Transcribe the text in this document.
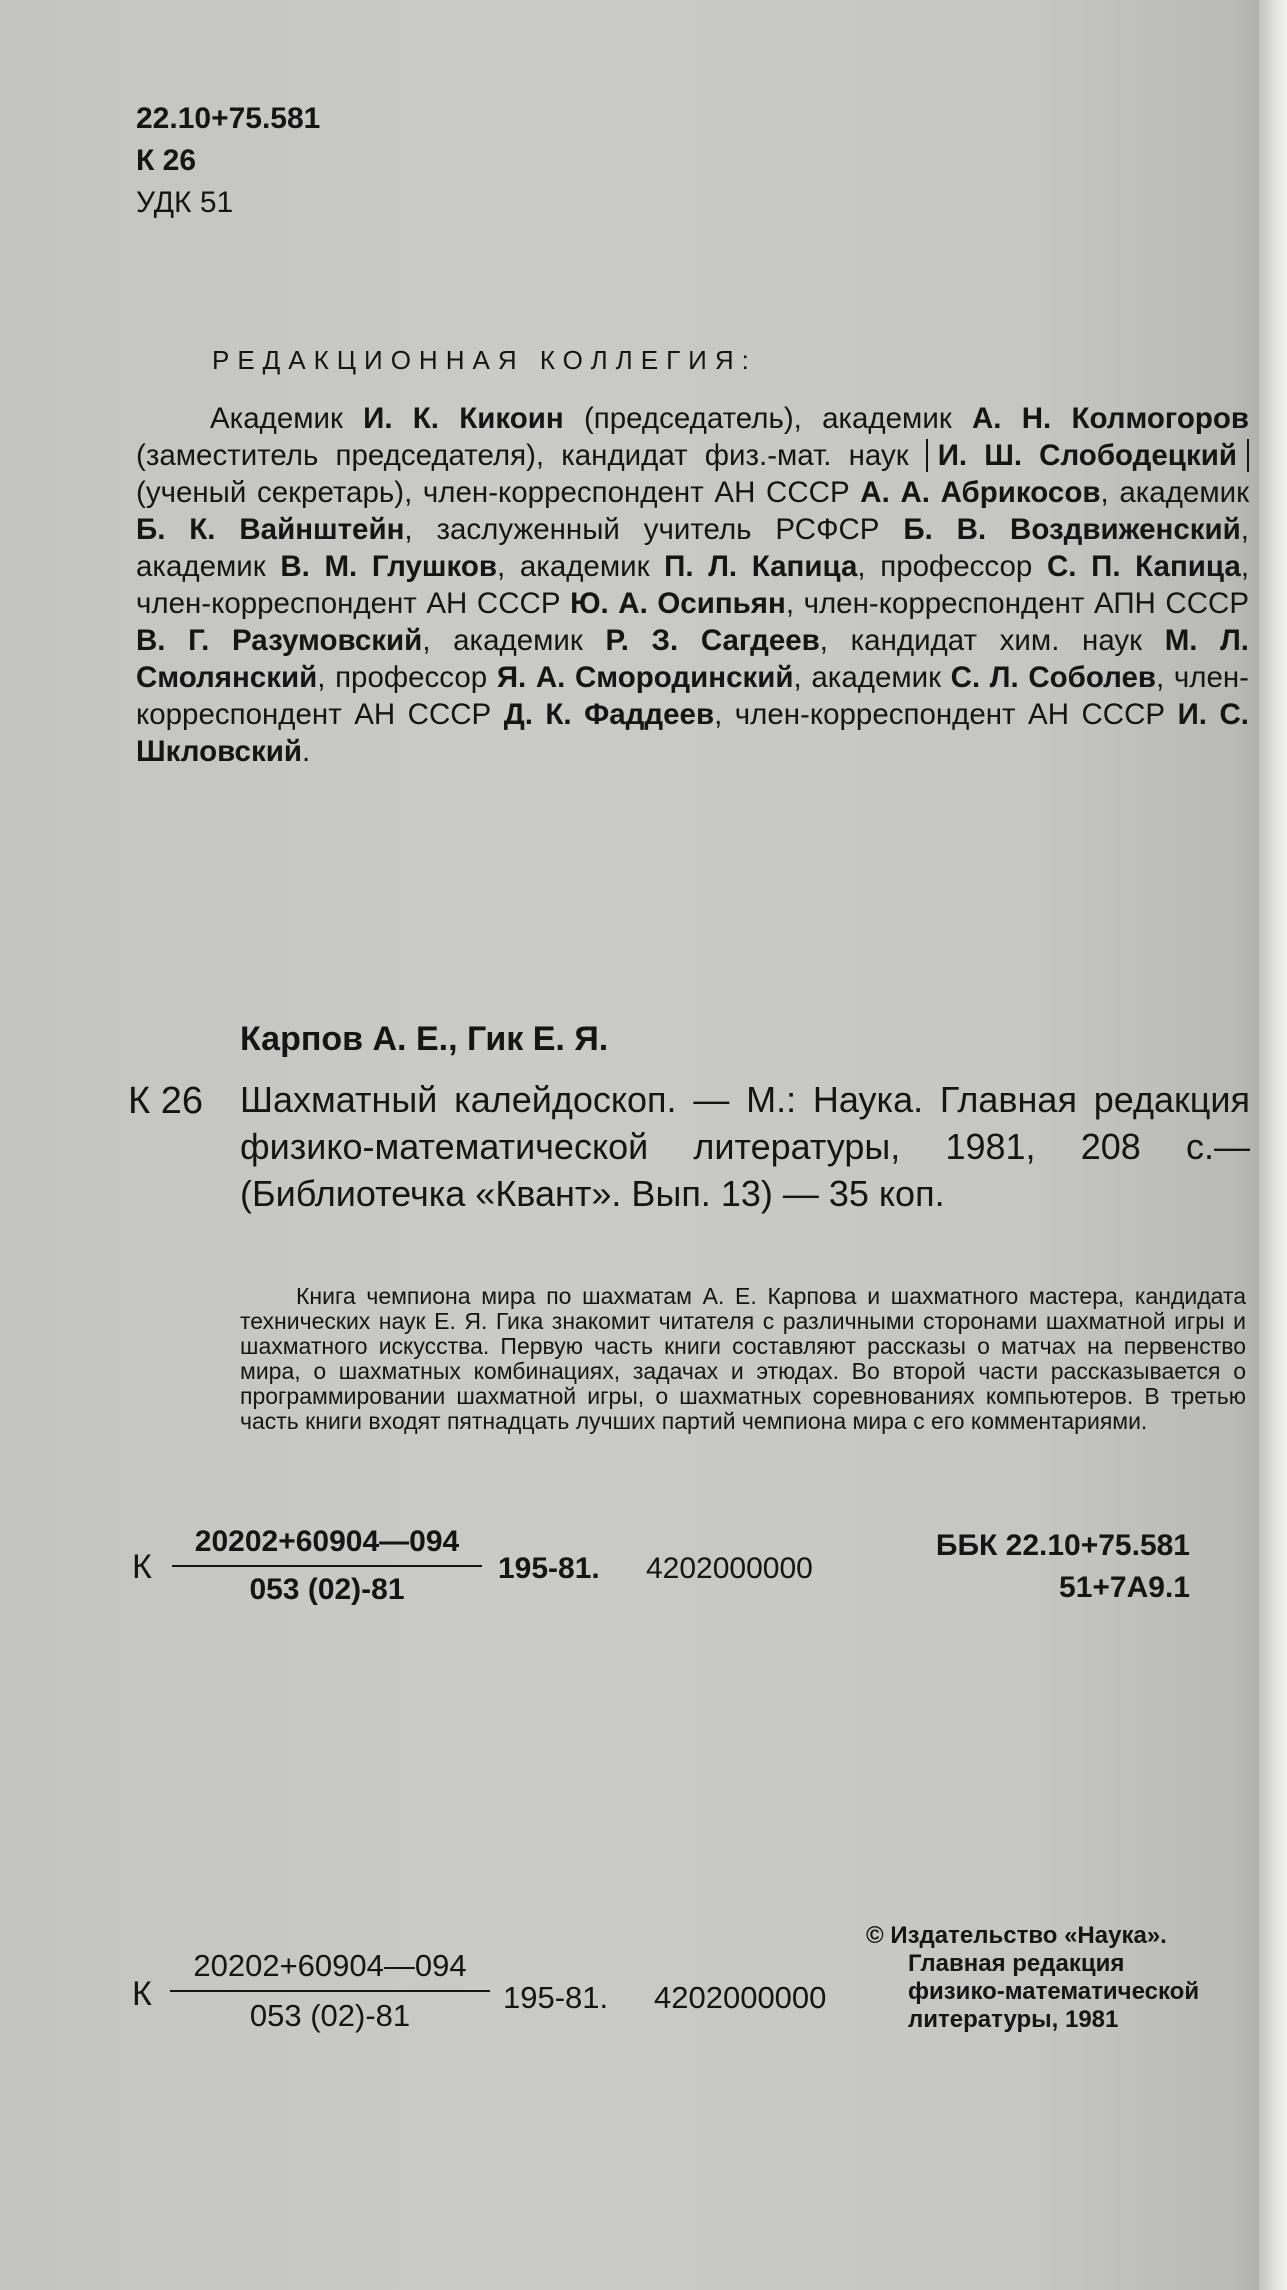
22.10+75.581
К 26
УДК 51
РЕДАКЦИОННАЯ КОЛЛЕГИЯ:

Академик И. К. Кикоин (председатель), академик А. Н. Колмогоров (заместитель председателя), кандидат физ.-мат. наук И. Ш. Слободецкий (ученый секретарь), член-корреспондент АН СССР А. А. Абрикосов, академик Б. К. Вайнштейн, заслуженный учитель РСФСР Б. В. Воздвиженский, академик В. М. Глушков, академик П. Л. Капица, профессор С. П. Капица, член-корреспондент АН СССР Ю. А. Осипьян, член-корреспондент АПН СССР В. Г. Разумовский, академик Р. З. Сагдеев, кандидат хим. наук М. Л. Смолянский, профессор Я. А. Смородинский, академик С. Л. Соболев, член-корреспондент АН СССР Д. К. Фаддеев, член-корреспондент АН СССР И. С. Шкловский.

Карпов А. Е., Гик Е. Я.
К 26 Шахматный калейдоскоп. — М.: Наука. Главная редакция физико-математической литературы, 1981, 208 с.— (Библиотечка «Квант». Вып. 13) — 35 коп.

Книга чемпиона мира по шахматам А. Е. Карпова и шахматного мастера, кандидата технических наук Е. Я. Гика знакомит читателя с различными сторонами шахматной игры и шахматного искусства. Первую часть книги составляют рассказы о матчах на первенство мира, о шахматных комбинациях, задачах и этюдах. Во второй части рассказывается о программировании шахматной игры, о шахматных соревнованиях компьютеров. В третью часть книги входят пятнадцать лучших партий чемпиона мира с его комментариями.

К $\frac{20202+60904—094}{053 (02)-81} 195-81$. 4202000000
ББК 22.10+75.581
51+7А9.1
К $\frac{20202+60904—094}{053 (02)-81} 195-81$. 4202000000
© Издательство «Наука».
Главная редакция
физико-математической
литературы, 1981
